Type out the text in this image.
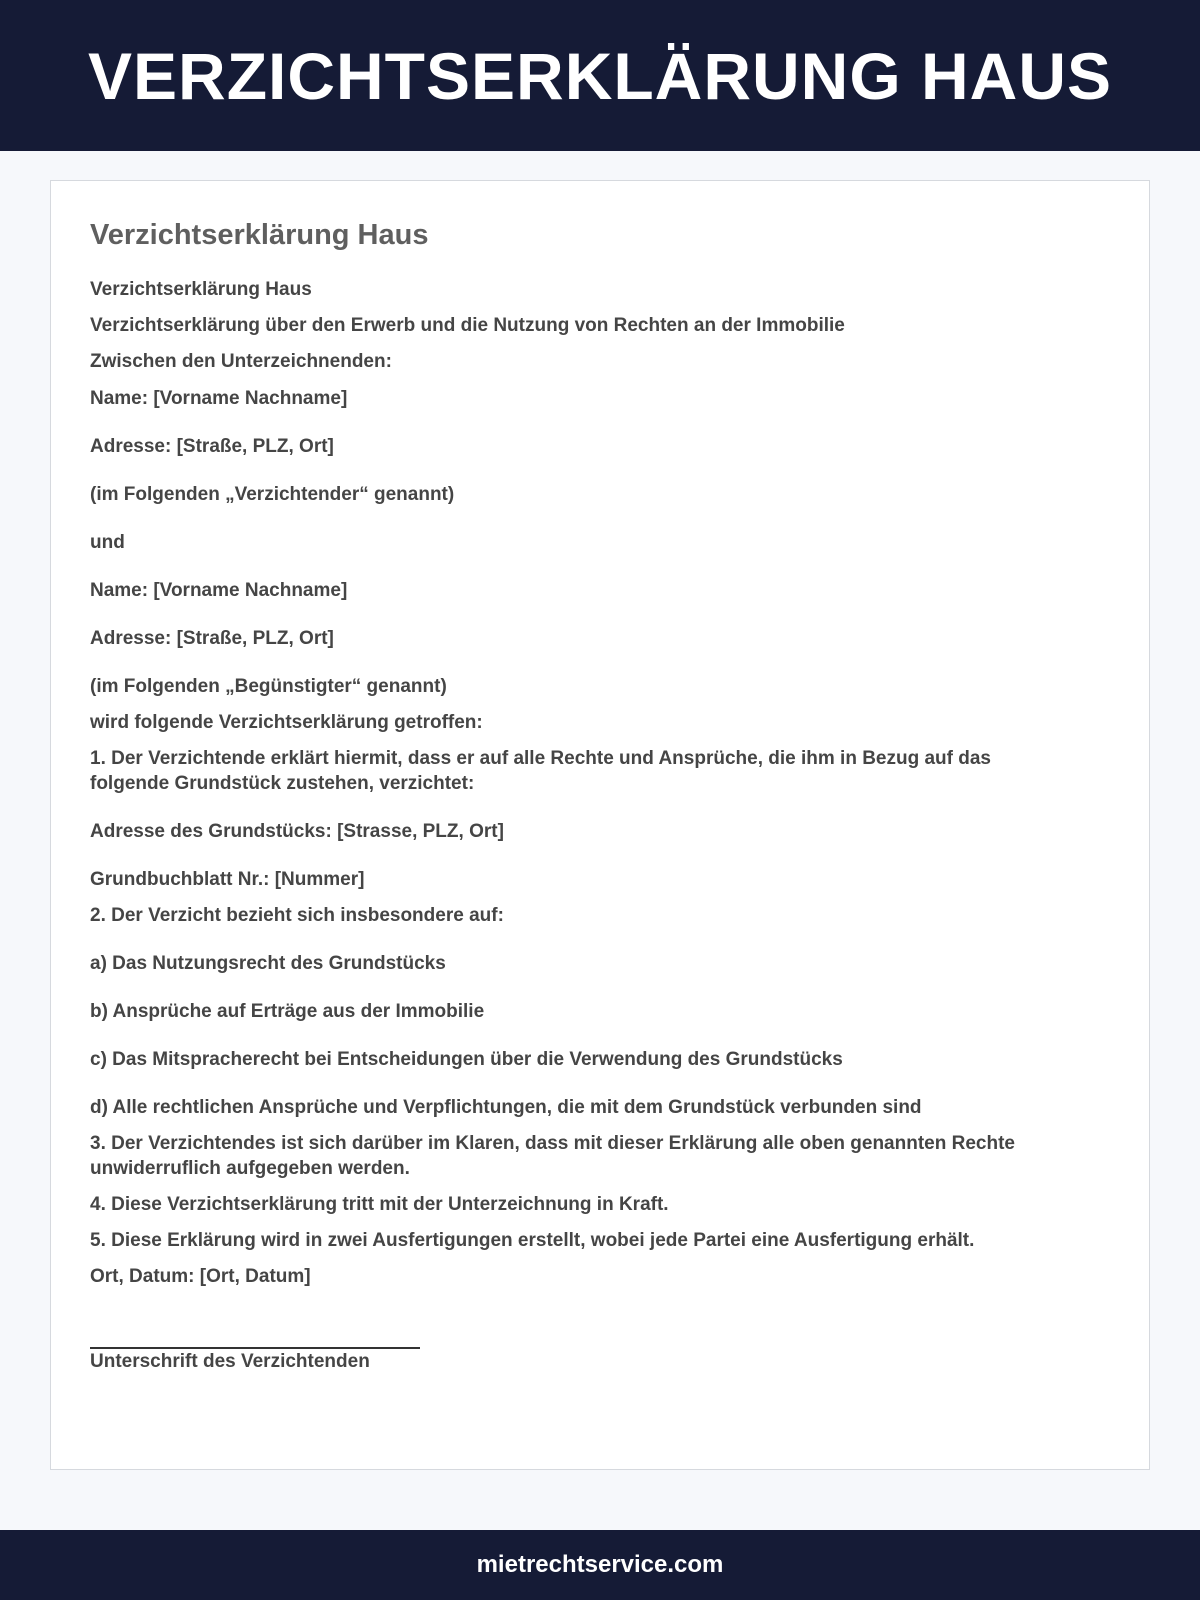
VERZICHTSERKLÄRUNG HAUS
Verzichtserklärung Haus

Verzichtserklärung Haus

Verzichtserklärung über den Erwerb und die Nutzung von Rechten an der Immobilie

Zwischen den Unterzeichnenden:

Name: [Vorname Nachname]

Adresse: [Straße, PLZ, Ort]

(im Folgenden „Verzichtender“ genannt)

und

Name: [Vorname Nachname]

Adresse: [Straße, PLZ, Ort]

(im Folgenden „Begünstigter“ genannt)

wird folgende Verzichtserklärung getroffen:

1. Der Verzichtende erklärt hiermit, dass er auf alle Rechte und Ansprüche, die ihm in Bezug auf das folgende Grundstück zustehen, verzichtet:

Adresse des Grundstücks: [Strasse, PLZ, Ort]

Grundbuchblatt Nr.: [Nummer]

2. Der Verzicht bezieht sich insbesondere auf:

a) Das Nutzungsrecht des Grundstücks

b) Ansprüche auf Erträge aus der Immobilie

c) Das Mitspracherecht bei Entscheidungen über die Verwendung des Grundstücks

d) Alle rechtlichen Ansprüche und Verpflichtungen, die mit dem Grundstück verbunden sind

3. Der Verzichtendes ist sich darüber im Klaren, dass mit dieser Erklärung alle oben genannten Rechte unwiderruflich aufgegeben werden.

4. Diese Verzichtserklärung tritt mit der Unterzeichnung in Kraft.

5. Diese Erklärung wird in zwei Ausfertigungen erstellt, wobei jede Partei eine Ausfertigung erhält.

Ort, Datum: [Ort, Datum]

Unterschrift des Verzichtenden

mietrechtservice.com
